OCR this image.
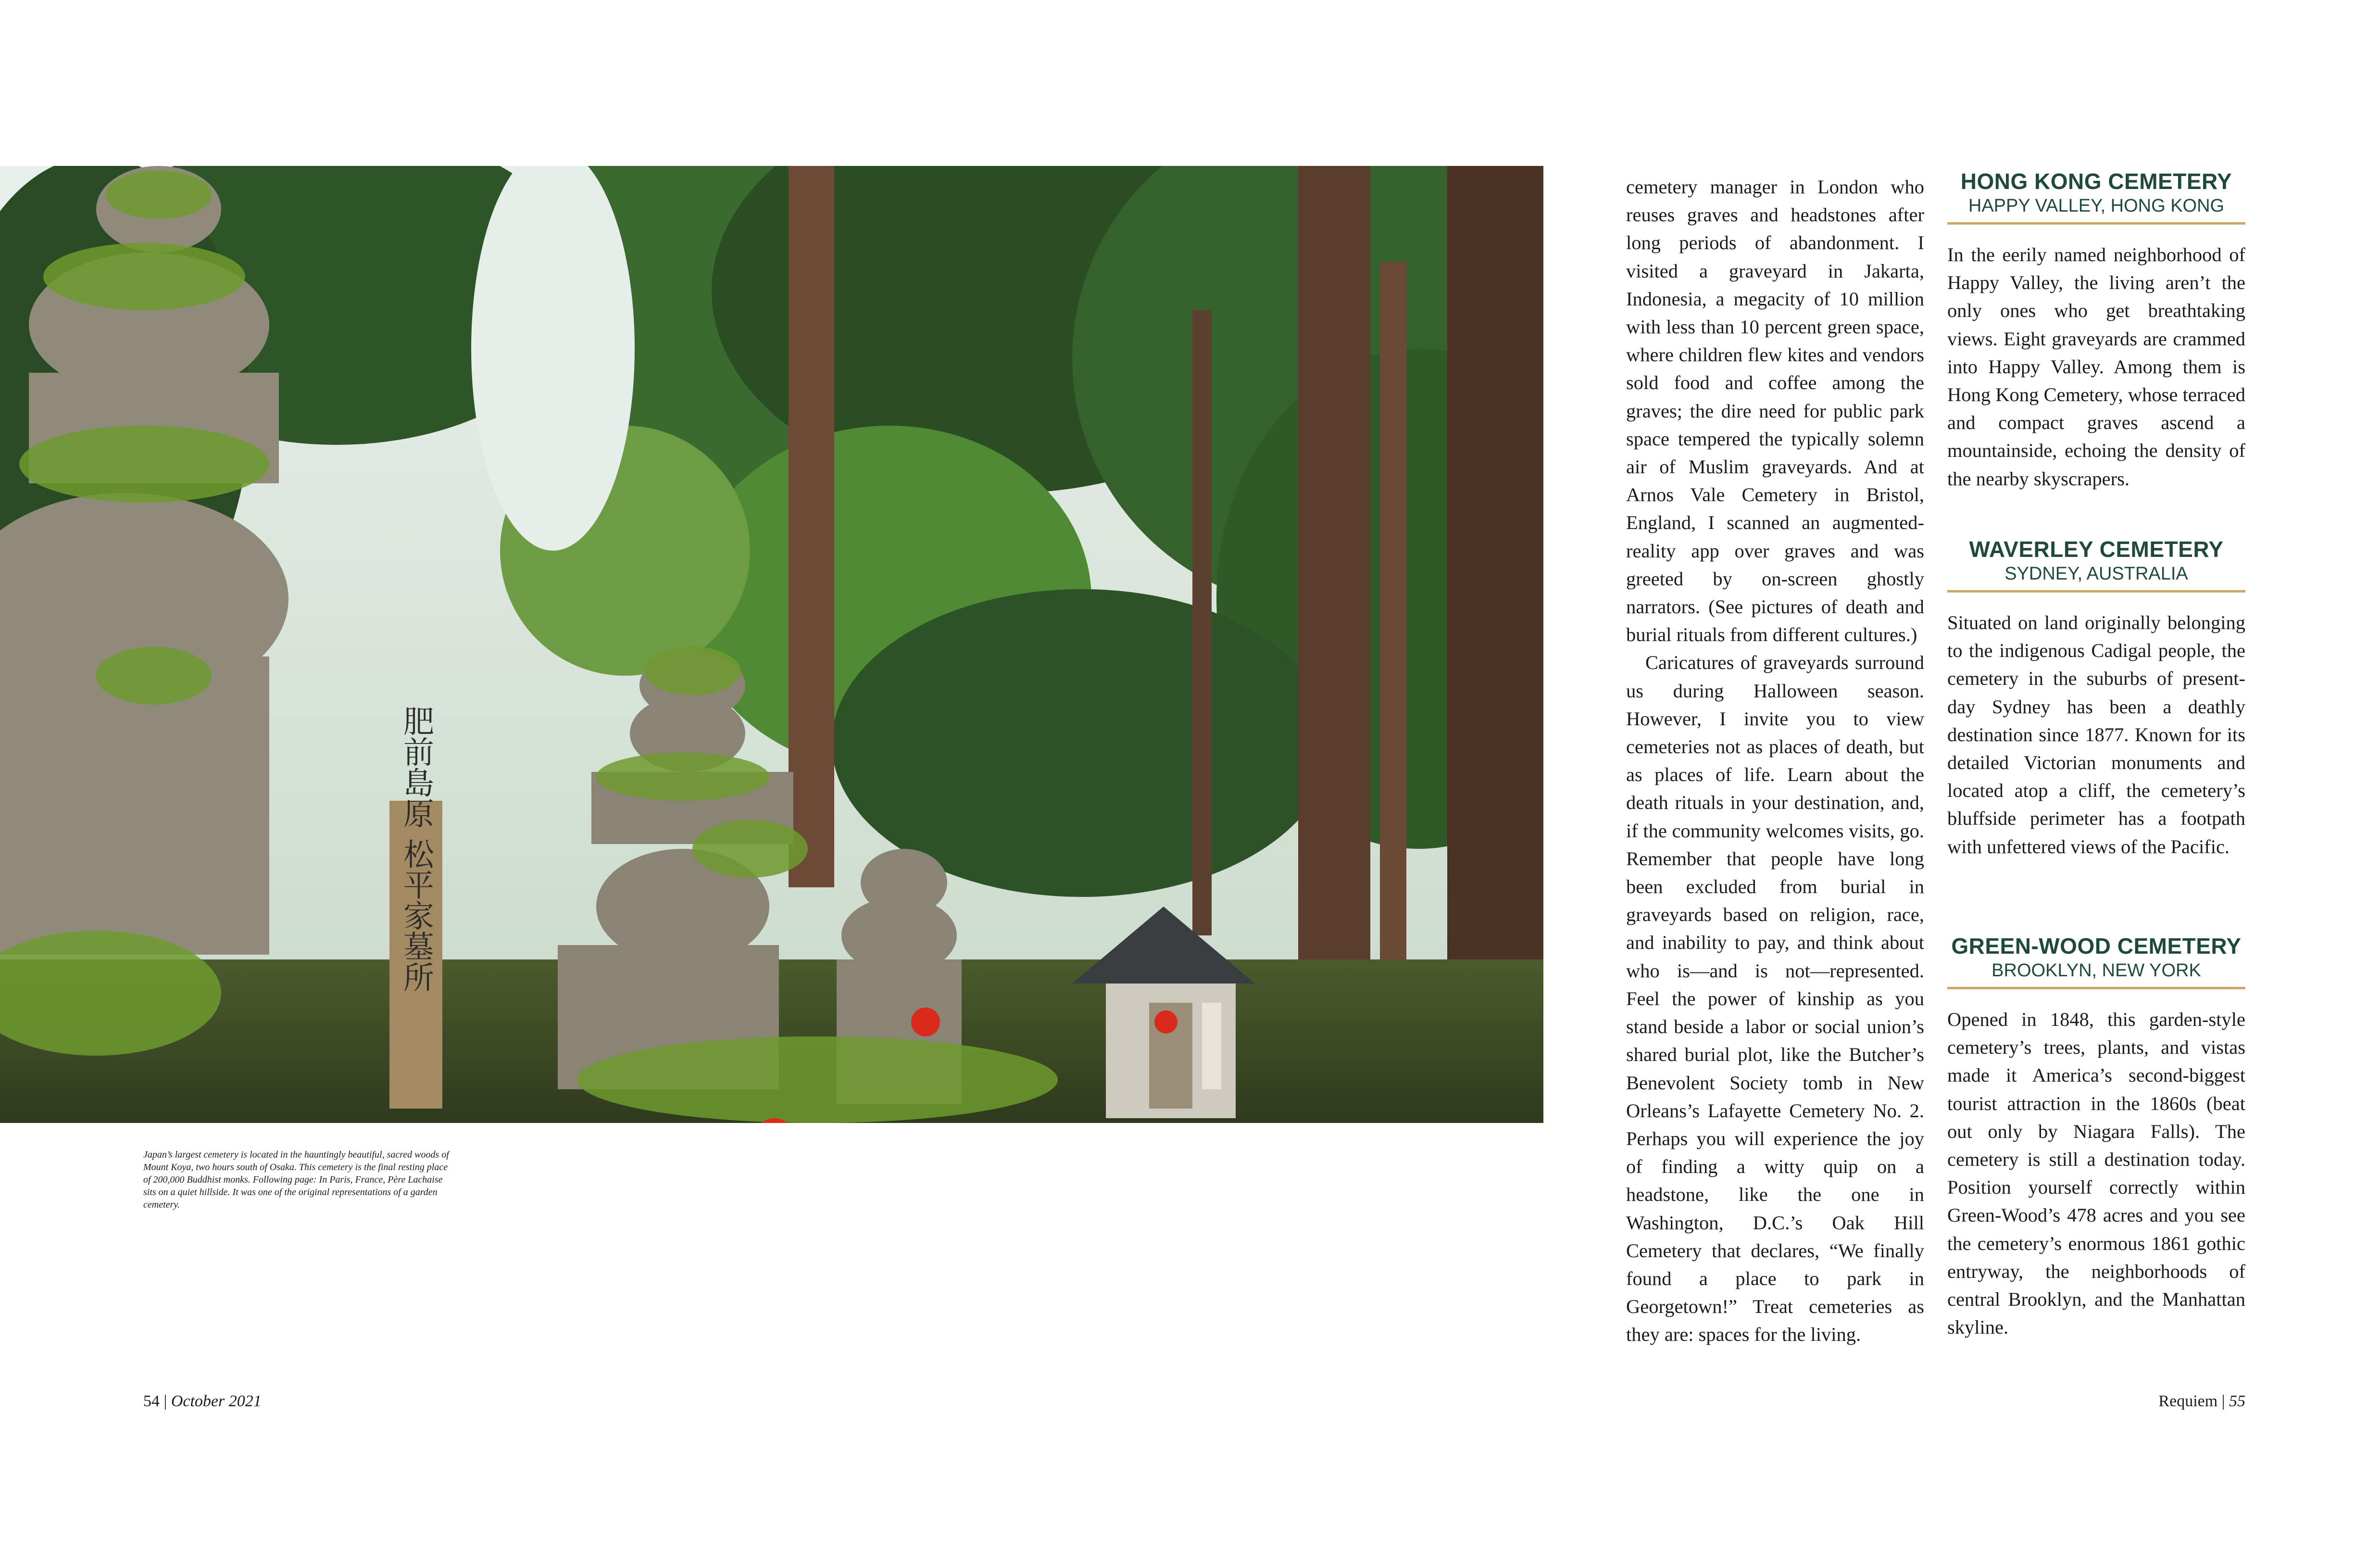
肥前島原 松平家墓所
Japan’s largest cemetery is located in the hauntingly beautiful, sacred woods of Mount Koya, two hours south of Osaka. This cemetery is the final resting place of 200,000 Buddhist monks. Following page: In Paris, France, Père Lachaise sits on a quiet hillside. It was one of the original representations of a garden cemetery.

cemetery manager in London who reuses graves and headstones after long periods of abandonment. I visited a graveyard in Jakarta, Indonesia, a megacity of 10 million with less than 10 percent green space, where children flew kites and vendors sold food and coffee among the graves; the dire need for public park space tempered the typically solemn air of Muslim graveyards. And at Arnos Vale Cemetery in Bristol, England, I scanned an augmented-reality app over graves and was greeted by on-screen ghostly narrators. (See pictures of death and burial rituals from different cultures.)

Caricatures of graveyards surround us during Halloween season. However, I invite you to view cemeteries not as places of death, but as places of life. Learn about the death rituals in your destination, and, if the community welcomes visits, go. Remember that people have long been excluded from burial in graveyards based on religion, race, and inability to pay, and think about who is—and is not—represented. Feel the power of kinship as you stand beside a labor or social union’s shared burial plot, like the Butcher’s Benevolent Society tomb in New Orleans’s Lafayette Cemetery No. 2. Perhaps you will experience the joy of finding a witty quip on a headstone, like the one in Washington, D.C.’s Oak Hill Cemetery that declares, “We finally found a place to park in Georgetown!” Treat cemeteries as they are: spaces for the living.

HONG KONG CEMETERY
HAPPY VALLEY, HONG KONG

In the eerily named neighborhood of Happy Valley, the living aren’t the only ones who get breathtaking views. Eight graveyards are crammed into Happy Valley. Among them is Hong Kong Cemetery, whose terraced and compact graves ascend a mountainside, echoing the density of the nearby skyscrapers.

WAVERLEY CEMETERY
SYDNEY, AUSTRALIA

Situated on land originally belonging to the indigenous Cadigal people, the cemetery in the suburbs of present-day Sydney has been a deathly destination since 1877. Known for its detailed Victorian monuments and located atop a cliff, the cemetery’s bluffside perimeter has a footpath with unfettered views of the Pacific.

GREEN-WOOD CEMETERY
BROOKLYN, NEW YORK

Opened in 1848, this garden-style cemetery’s trees, plants, and vistas made it America’s second-biggest tourist attraction in the 1860s (beat out only by Niagara Falls). The cemetery is still a destination today. Position yourself correctly within Green-Wood’s 478 acres and you see the cemetery’s enormous 1861 gothic entryway, the neighborhoods of central Brooklyn, and the Manhattan skyline.

54 | October 2021	Requiem | 55
